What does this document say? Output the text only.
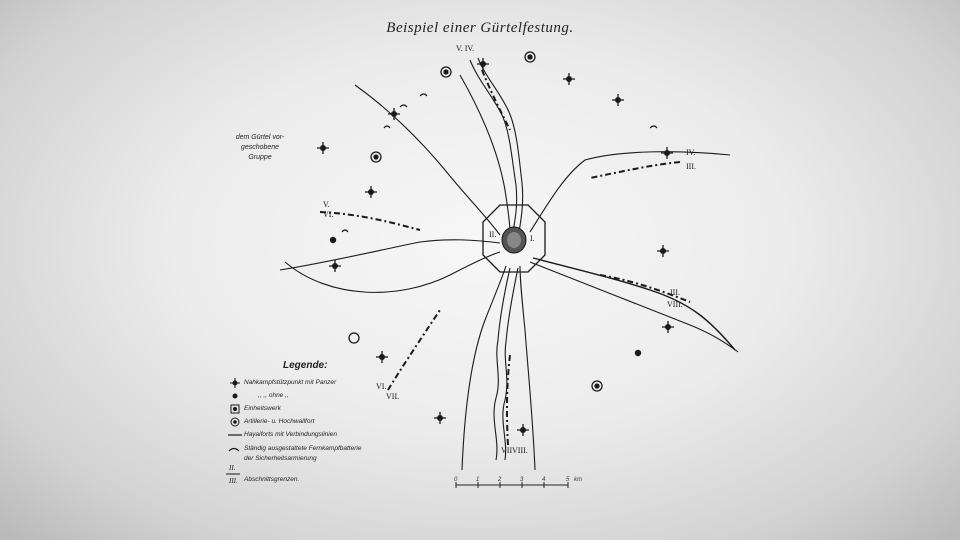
Beispiel einer Gürtelfestung.
V. IV.
IV.
III.
V.
VI.
II.	I.
III.
VIII.
VI.
VII.
VII VIII.
dem Gürtel vor-
geschobene
Gruppe
Legende:
Nahkampfstützpunkt mit Panzer
,, ,, ohne ,,
Einheitswerk
Artillerie- u. Hochwallfort
Hayaiforts mit Verbindungslinien
Ständig ausgestattete Fernkampfbatterie
der Sicherheitsarmierung
Abschnittsgrenzen.
II.
III.	0	1	2	3	4	5 km
